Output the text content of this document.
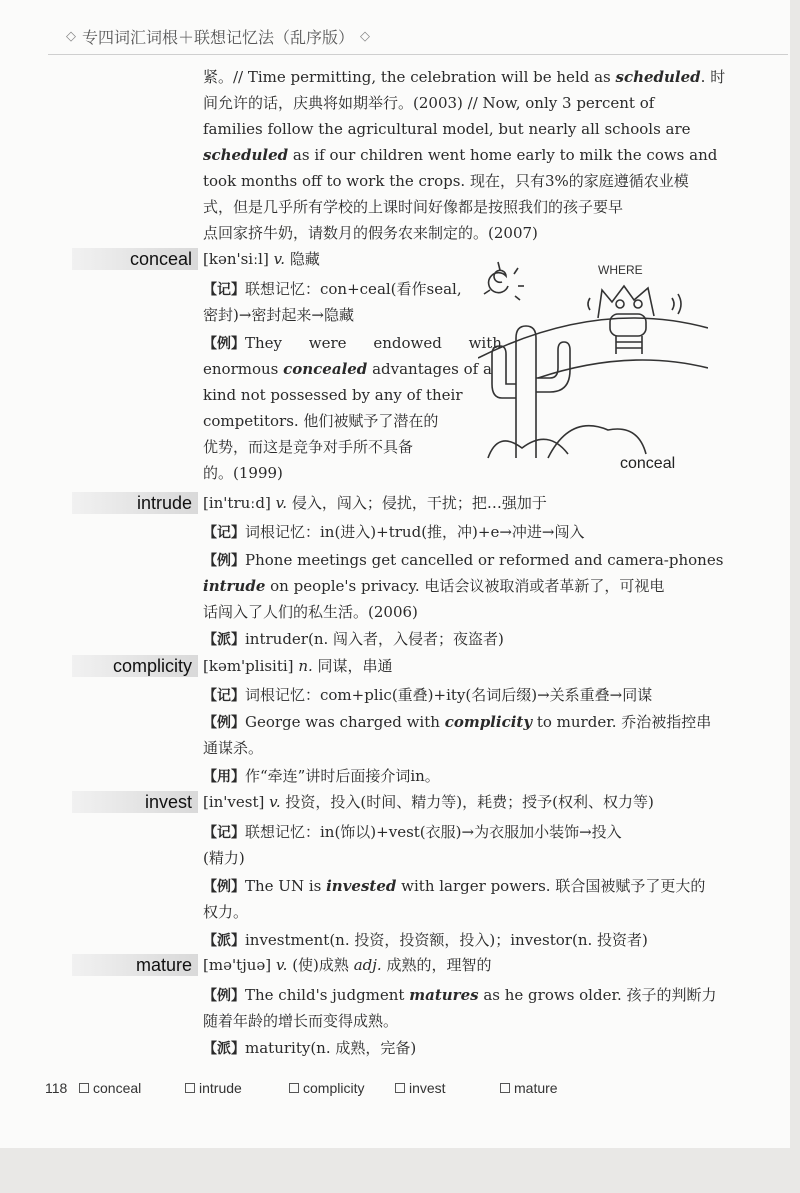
◇ 专四词汇词根＋联想记忆法（乱序版） ◇
紧。// Time permitting, the celebration will be held as scheduled. 时
间允许的话，庆典将如期举行。(2003) // Now, only 3 percent of
families follow the agricultural model, but nearly all schools are
scheduled as if our children went home early to milk the cows and
took months off to work the crops. 现在，只有3%的家庭遵循农业模
式，但是几乎所有学校的上课时间好像都是按照我们的孩子要早
点回家挤牛奶，请数月的假务农来制定的。(2007)
conceal [kən'siːl] v. 隐藏
【记】联想记忆：con+ceal(看作seal,
密封)→密封起来→隐藏
【例】They were endowed with
enormous concealed advantages of a
kind not possessed by any of their
competitors. 他们被赋予了潜在的
优势，而这是竞争对手所不具备
的。(1999)
WHERE
conceal
intrude [in'truːd] v. 侵入，闯入；侵扰，干扰；把…强加于
【记】词根记忆：in(进入)+trud(推，冲)+e→冲进→闯入
【例】Phone meetings get cancelled or reformed and camera-phones
intrude on people's privacy. 电话会议被取消或者革新了，可视电
话闯入了人们的私生活。(2006)
【派】intruder(n. 闯入者，入侵者；夜盗者)
complicity [kəm'plisiti] n. 同谋，串通
【记】词根记忆：com+plic(重叠)+ity(名词后缀)→关系重叠→同谋
【例】George was charged with complicity to murder. 乔治被指控串
通谋杀。
【用】作“牵连”讲时后面接介词in。
invest [in'vest] v. 投资，投入(时间、精力等)，耗费；授予(权利、权力等)
【记】联想记忆：in(饰以)+vest(衣服)→为衣服加小装饰→投入
(精力)
【例】The UN is invested with larger powers. 联合国被赋予了更大的
权力。
【派】investment(n. 投资，投资额，投入)；investor(n. 投资者)
mature [mə'tjuə] v. (使)成熟 adj. 成熟的，理智的
【例】The child's judgment matures as he grows older. 孩子的判断力
随着年龄的增长而变得成熟。
【派】maturity(n. 成熟，完备)
118	conceal	intrude	complicity	invest	mature
